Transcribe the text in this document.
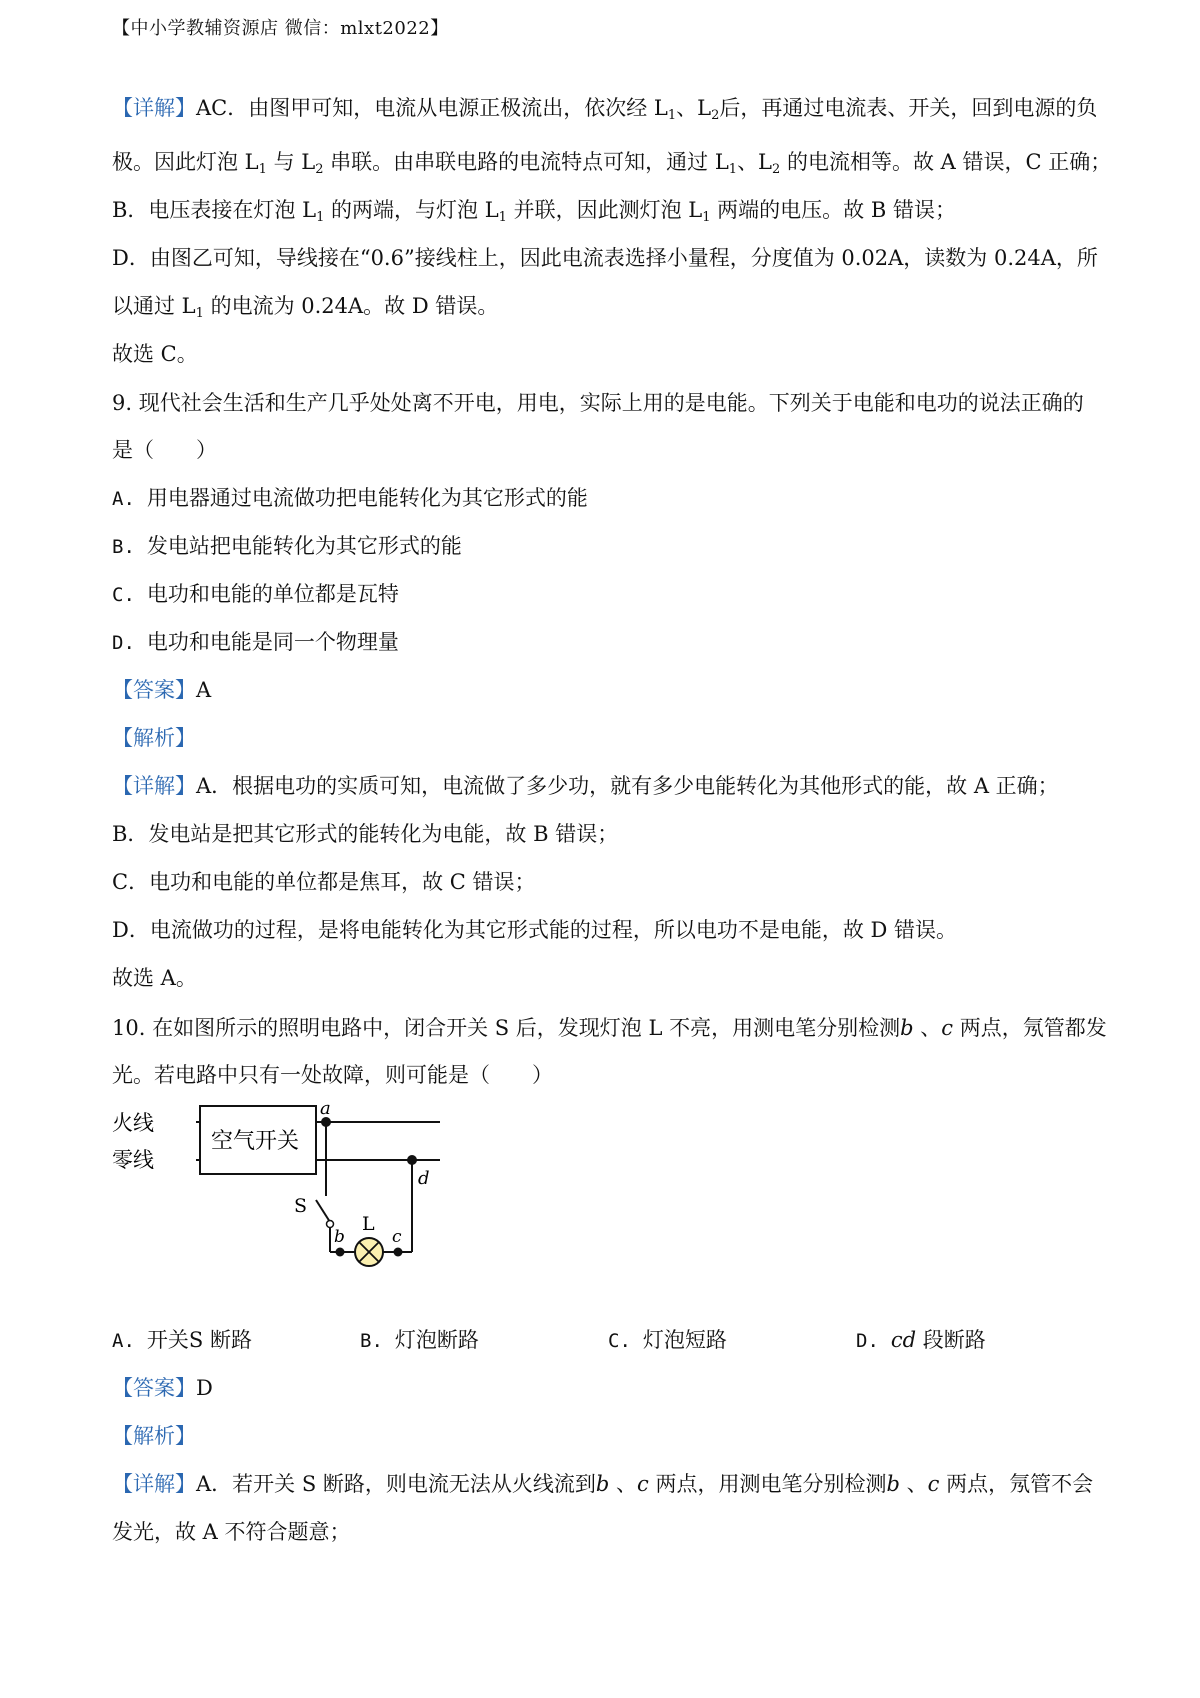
【中小学教辅资源店 微信：mlxt2022】
【详解】AC．由图甲可知，电流从电源正极流出，依次经 $L_1$、$L_2$后，再通过电流表、开关，回到电源的负
极。因此灯泡 $L_1$ 与 $L_2$ 串联。由串联电路的电流特点可知，通过 $L_1$、$L_2$ 的电流相等。故 A 错误，C 正确；
B．电压表接在灯泡 $L_1$ 的两端，与灯泡 $L_1$ 并联，因此测灯泡 $L_1$ 两端的电压。故 B 错误；
D．由图乙可知，导线接在“0.6”接线柱上，因此电流表选择小量程，分度值为 0.02A，读数为 0.24A，所
以通过 $L_1$ 的电流为 0.24A。故 D 错误。
故选 C。
9. 现代社会生活和生产几乎处处离不开电，用电，实际上用的是电能。下列关于电能和电功的说法正确的
是（　　）
A. 用电器通过电流做功把电能转化为其它形式的能
B. 发电站把电能转化为其它形式的能
C. 电功和电能的单位都是瓦特
D. 电功和电能是同一个物理量
【答案】A
【解析】
【详解】A．根据电功的实质可知，电流做了多少功，就有多少电能转化为其他形式的能，故 A 正确；
B．发电站是把其它形式的能转化为电能，故 B 错误；
C．电功和电能的单位都是焦耳，故 C 错误；
D．电流做功的过程，是将电能转化为其它形式能的过程，所以电功不是电能，故 D 错误。
故选 A。
10. 在如图所示的照明电路中，闭合开关 S 后，发现灯泡 L 不亮，用测电笔分别检测b 、c 两点，氖管都发
光。若电路中只有一处故障，则可能是（　　）
火线
零线
空气开关
a
S
b
L
c
d
A. 开关S 断路	B. 灯泡断路	C. 灯泡短路	D. cd 段断路
【答案】D
【解析】
【详解】A．若开关 S 断路，则电流无法从火线流到b 、c 两点，用测电笔分别检测b 、c 两点，氖管不会
发光，故 A 不符合题意；
